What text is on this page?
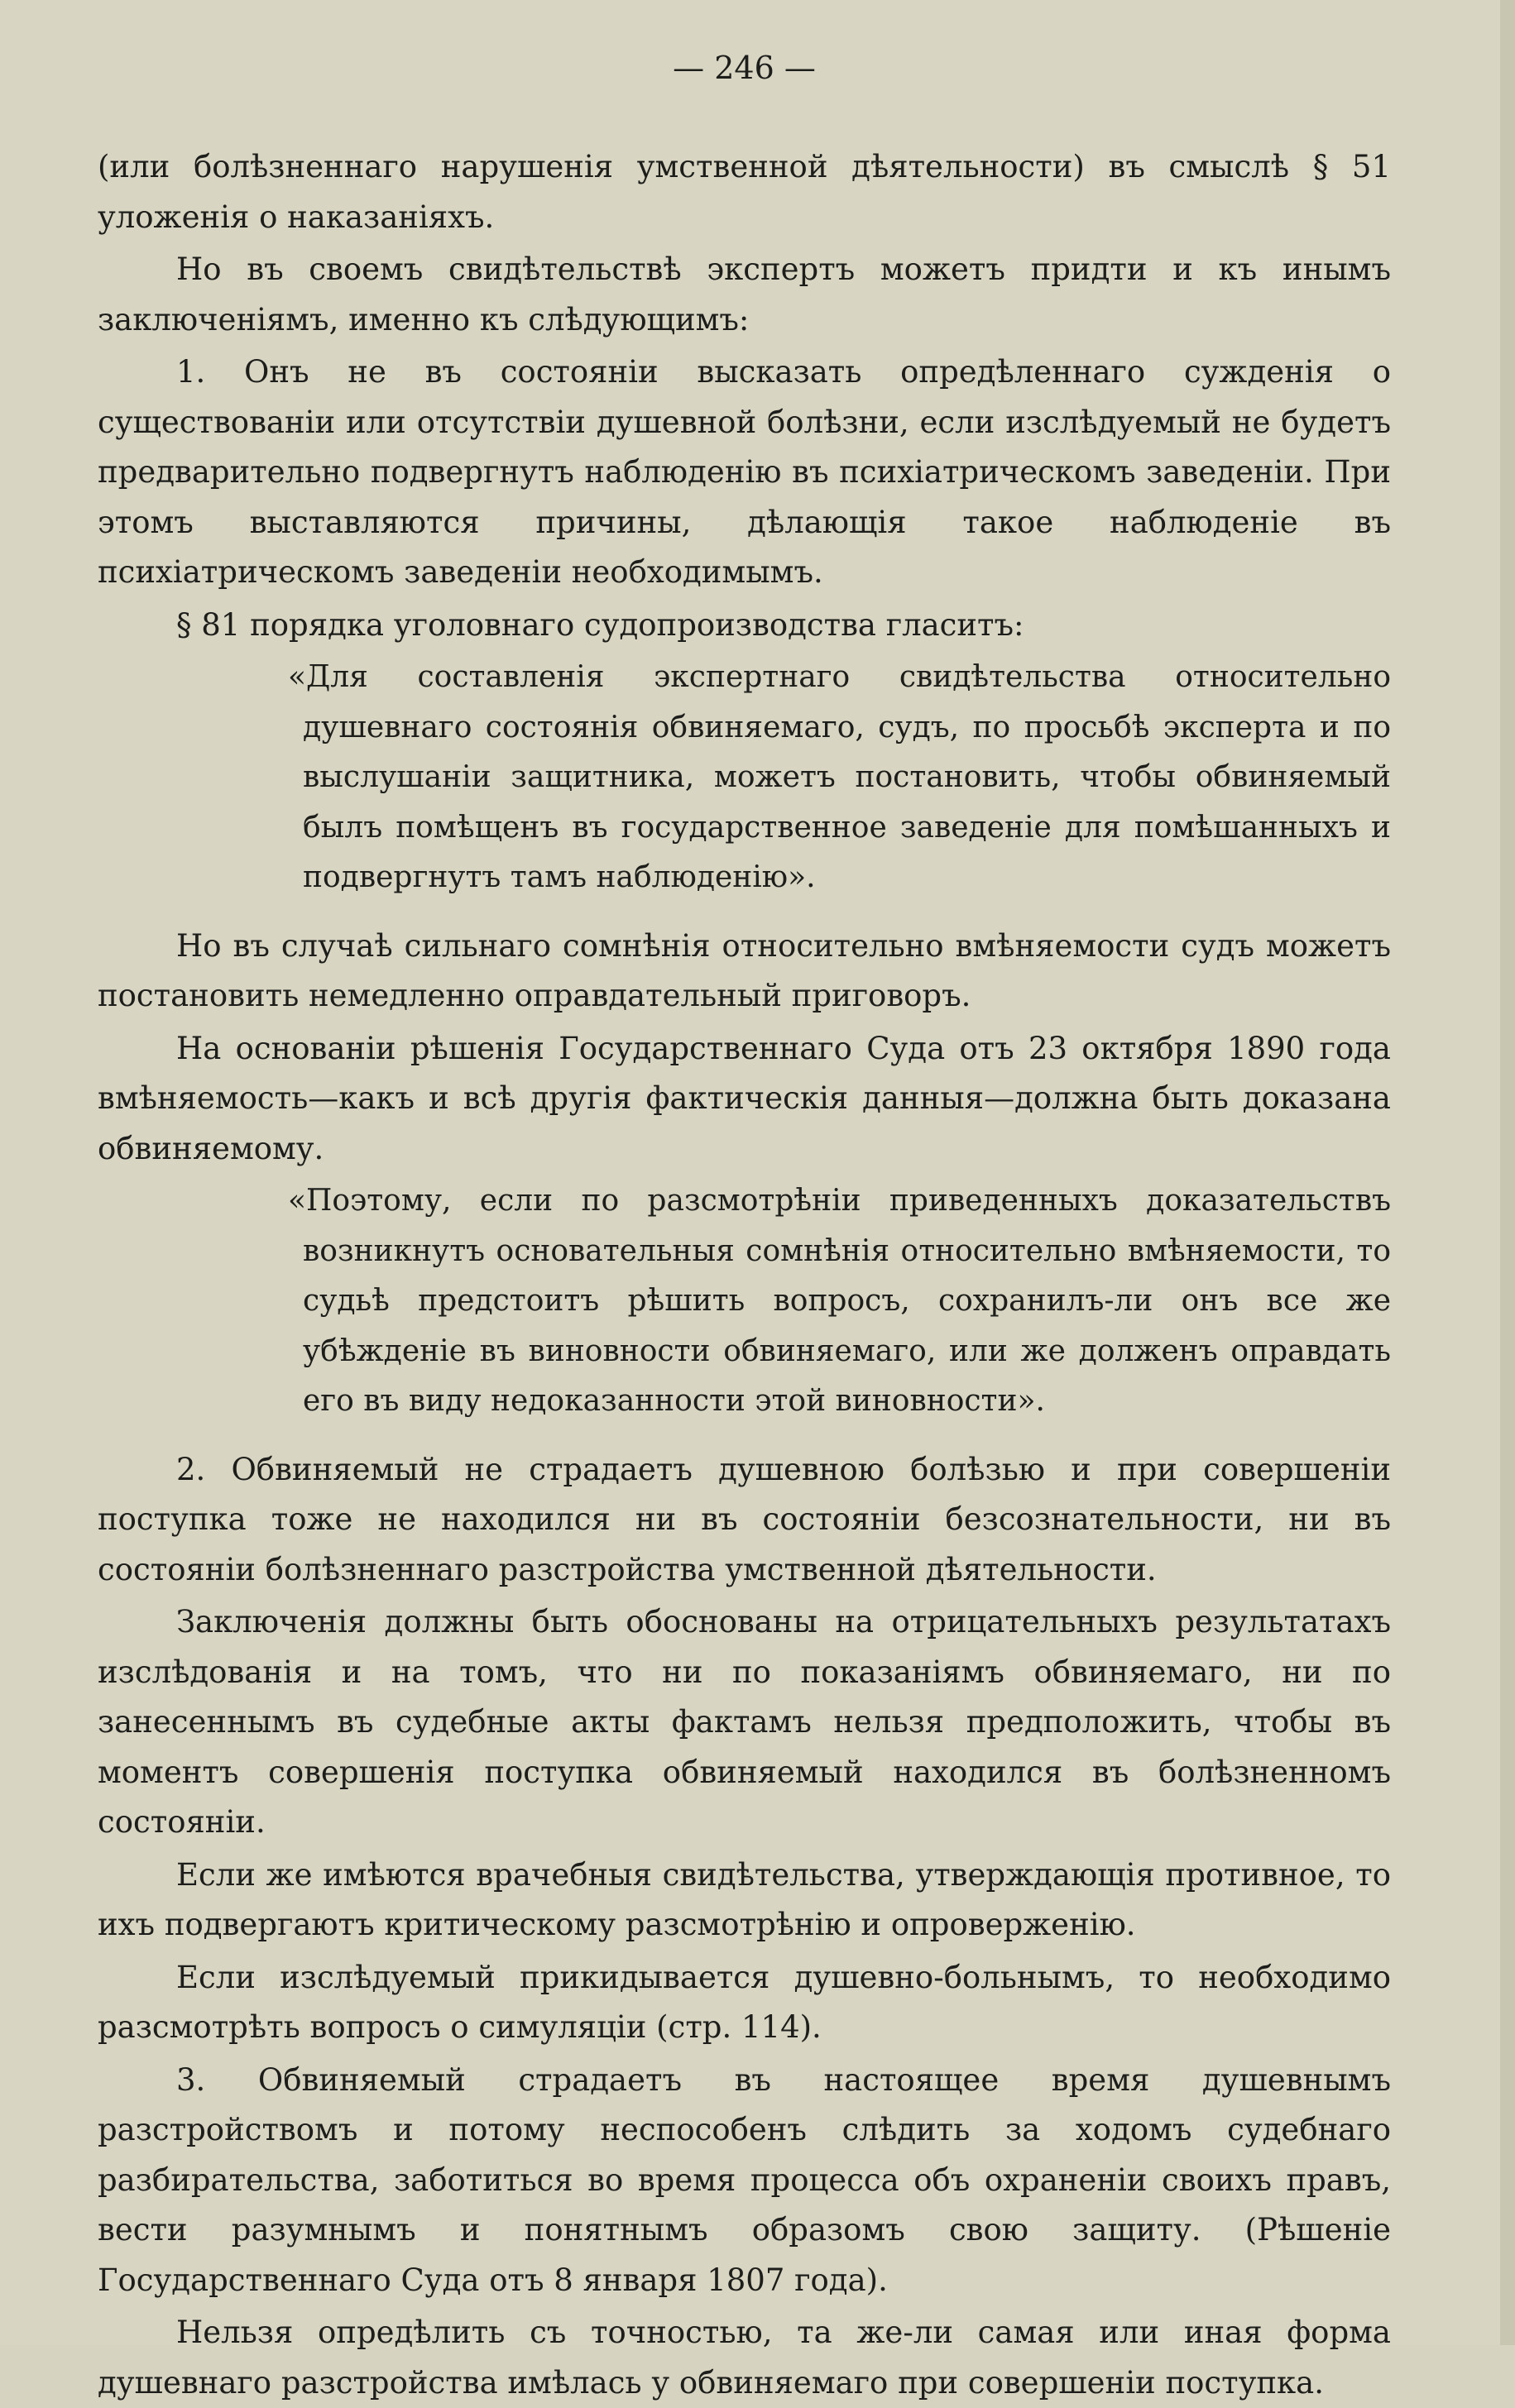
— 246 —

(или болѣзненнаго нарушенія умственной дѣятельности) въ смыслѣ § 51 уложенія о наказаніяхъ.

Но въ своемъ свидѣтельствѣ экспертъ можетъ придти и къ инымъ заключеніямъ, именно къ слѣдующимъ:

1. Онъ не въ состояніи высказать опредѣленнаго сужденія о существованіи или отсутствіи душевной болѣзни, если изслѣдуемый не будетъ предварительно подвергнутъ наблюденію въ психіатрическомъ заведеніи. При этомъ выставляются причины, дѣлающія такое наблюденіе въ психіатрическомъ заведеніи необходимымъ.

§ 81 порядка уголовнаго судопроизводства гласитъ:

«Для составленія экспертнаго свидѣтельства относительно душевнаго состоянія обвиняемаго, судъ, по просьбѣ эксперта и по выслушаніи защитника, можетъ постановить, чтобы обвиняемый былъ помѣщенъ въ государственное заведеніе для помѣшанныхъ и подвергнутъ тамъ наблюденію».

Но въ случаѣ сильнаго сомнѣнія относительно вмѣняемости судъ можетъ постановить немедленно оправдательный приговоръ.

На основаніи рѣшенія Государственнаго Суда отъ 23 октября 1890 года вмѣняемость—какъ и всѣ другія фактическія данныя—должна быть доказана обвиняемому.

«Поэтому, если по разсмотрѣніи приведенныхъ доказательствъ возникнутъ основательныя сомнѣнія относительно вмѣняемости, то судьѣ предстоитъ рѣшить вопросъ, сохранилъ-ли онъ все же убѣжденіе въ виновности обвиняемаго, или же долженъ оправдать его въ виду недоказанности этой виновности».

2. Обвиняемый не страдаетъ душевною болѣзью и при совершеніи поступка тоже не находился ни въ состояніи безсознательности, ни въ состояніи болѣзненнаго разстройства умственной дѣятельности.

Заключенія должны быть обоснованы на отрицательныхъ результатахъ изслѣдованія и на томъ, что ни по показаніямъ обвиняемаго, ни по занесеннымъ въ судебные акты фактамъ нельзя предположить, чтобы въ моментъ совершенія поступка обвиняемый находился въ болѣзненномъ состояніи.

Если же имѣются врачебныя свидѣтельства, утверждающія противное, то ихъ подвергаютъ критическому разсмотрѣнію и опроверженію.

Если изслѣдуемый прикидывается душевно-больнымъ, то необходимо разсмотрѣть вопросъ о симуляціи (стр. 114).

3. Обвиняемый страдаетъ въ настоящее время душевнымъ разстройствомъ и потому неспособенъ слѣдить за ходомъ судебнаго разбирательства, заботиться во время процесса объ охраненіи своихъ правъ, вести разумнымъ и понятнымъ образомъ свою защиту. (Рѣшеніе Государственнаго Суда отъ 8 января 1807 года).

Нельзя опредѣлить съ точностью, та же-ли самая или иная форма душевнаго разстройства имѣлась у обвиняемаго при совершеніи поступка.
